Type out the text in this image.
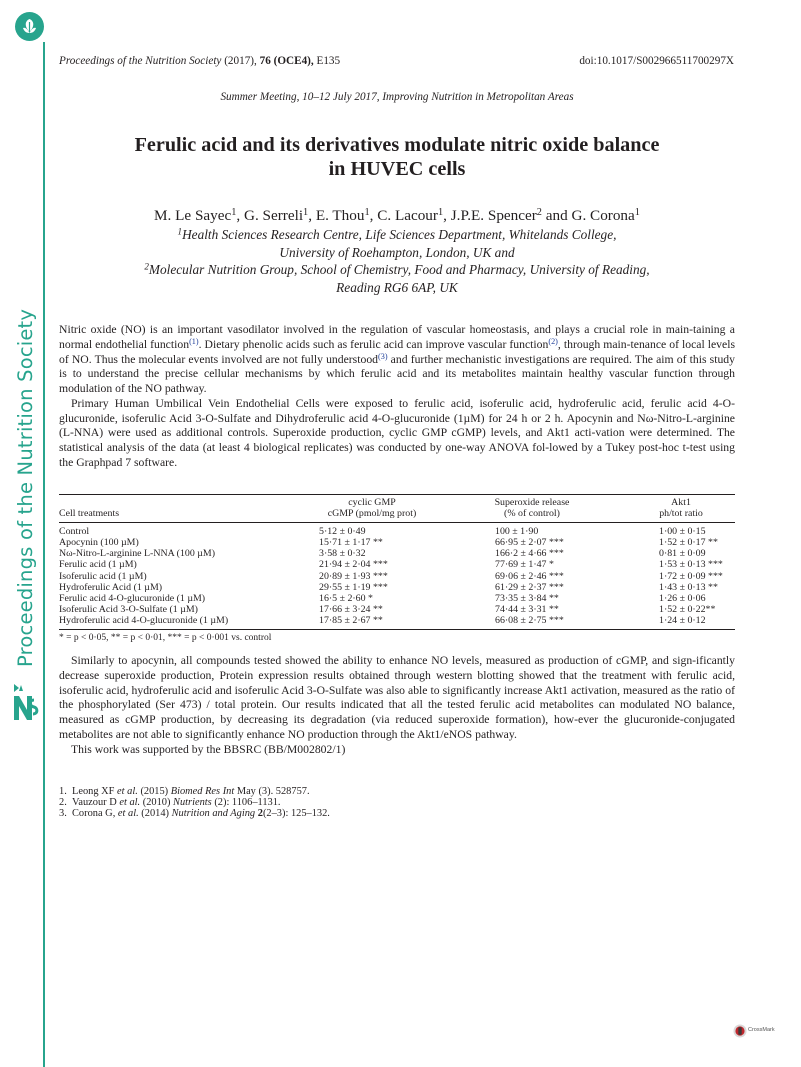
Proceedings of the Nutrition Society
Proceedings of the Nutrition Society (2017), 76 (OCE4), E135	doi:10.1017/S002966511700297X
Summer Meeting, 10–12 July 2017, Improving Nutrition in Metropolitan Areas
Ferulic acid and its derivatives modulate nitric oxide balance
in HUVEC cells
M. Le Sayec$^1$, G. Serreli$^1$, E. Thou$^1$, C. Lacour$^1$, J.P.E. Spencer$^2$ and G. Corona$^1$
$^1$Health Sciences Research Centre, Life Sciences Department, Whitelands College,
University of Roehampton, London, UK and
$^2$Molecular Nutrition Group, School of Chemistry, Food and Pharmacy, University of Reading,
Reading RG6 6AP, UK

Nitric oxide (NO) is an important vasodilator involved in the regulation of vascular homeostasis, and plays a crucial role in main-taining a normal endothelial function$^{(1)}$. Dietary phenolic acids such as ferulic acid can improve vascular function$^{(2)}$, through main-tenance of local levels of NO. Thus the molecular events involved are not fully understood$^{(3)}$ and further mechanistic investigations are required. The aim of this study is to understand the precise cellular mechanisms by which ferulic acid and its metabolites maintain healthy vascular function through modulation of the NO pathway.

Primary Human Umbilical Vein Endothelial Cells were exposed to ferulic acid, isoferulic acid, hydroferulic acid, ferulic acid 4-O-glucuronide, isoferulic Acid 3-O-Sulfate and Dihydroferulic acid 4-O-glucuronide (1µM) for 24 h or 2 h. Apocynin and Nω-Nitro-L-arginine (L-NNA) were used as additional controls. Superoxide production, cyclic GMP cGMP) levels, and Akt1 acti-vation were determined. The statistical analysis of the data (at least 4 biological replicates) was conducted by one-way ANOVA fol-lowed by a Tukey post-hoc t-test using the Graphpad 7 software.

	cyclic GMP	Superoxide release	Akt1
Cell treatments	cGMP (pmol/mg prot)	(% of control)	ph/tot ratio
Control	5·12 ± 0·49	100 ± 1·90	1·00 ± 0·15
Apocynin (100 µM)	15·71 ± 1·17 **	66·95 ± 2·07 ***	1·52 ± 0·17 **
Nω-Nitro-L-arginine L-NNA (100 µM)	3·58 ± 0·32	166·2 ± 4·66 ***	0·81 ± 0·09
Ferulic acid (1 µM)	21·94 ± 2·04 ***	77·69 ± 1·47 *	1·53 ± 0·13 ***
Isoferulic acid (1 µM)	20·89 ± 1·93 ***	69·06 ± 2·46 ***	1·72 ± 0·09 ***
Hydroferulic Acid (1 µM)	29·55 ± 1·19 ***	61·29 ± 2·37 ***	1·43 ± 0·13 **
Ferulic acid 4-O-glucuronide (1 µM)	16·5 ± 2·60 *	73·35 ± 3·84 **	1·26 ± 0·06
Isoferulic Acid 3-O-Sulfate (1 µM)	17·66 ± 3·24 **	74·44 ± 3·31 **	1·52 ± 0·22**
Hydroferulic acid 4-O-glucuronide (1 µM)	17·85 ± 2·67 **	66·08 ± 2·75 ***	1·24 ± 0·12
* = p < 0·05, ** = p < 0·01, *** = p < 0·001 vs. control

Similarly to apocynin, all compounds tested showed the ability to enhance NO levels, measured as production of cGMP, and sign-ificantly decrease superoxide production, Protein expression results obtained through western blotting showed that the treatment with ferulic acid, isoferulic acid, hydroferulic acid and isoferulic Acid 3-O-Sulfate was also able to significantly increase Akt1 activation, measured as the ratio of the phosphorylated (Ser 473) / total protein. Our results indicated that all the tested ferulic acid metabolites can modulated NO balance, measured as cGMP production, by decreasing its degradation (via reduced superoxide formation), how-ever the glucuronide-conjugated metabolites are not able to significantly enhance NO production through the Akt1/eNOS pathway.

This work was supported by the BBSRC (BB/M002802/1)

1. Leong XF et al. (2015) Biomed Res Int May (3). 528757.
2. Vauzour D et al. (2010) Nutrients (2): 1106–1131.
3. Corona G, et al. (2014) Nutrition and Aging 2(2–3): 125–132.
CrossMark
